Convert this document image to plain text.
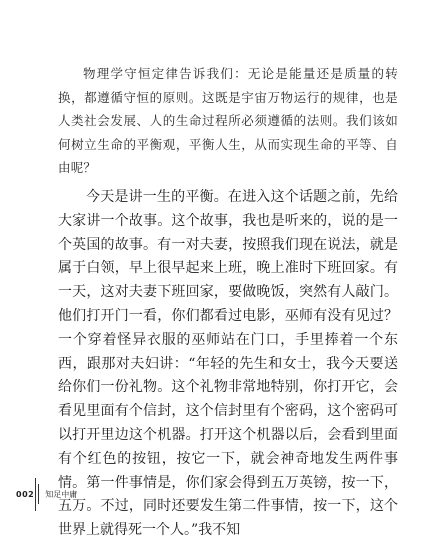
物理学守恒定律告诉我们：无论是能量还是质量的转换，都遵循守恒的原则。这既是宇宙万物运行的规律，也是人类社会发展、人的生命过程所必须遵循的法则。我们该如何树立生命的平衡观，平衡人生，从而实现生命的平等、自由呢？

今天是讲一生的平衡。在进入这个话题之前，先给大家讲一个故事。这个故事，我也是听来的，说的是一个英国的故事。有一对夫妻，按照我们现在说法，就是属于白领，早上很早起来上班，晚上准时下班回家。有一天，这对夫妻下班回家，要做晚饭，突然有人敲门。他们打开门一看，你们都看过电影，巫师有没有见过？一个穿着怪异衣服的巫师站在门口，手里捧着一个东西，跟那对夫妇讲：“年轻的先生和女士，我今天要送给你们一份礼物。这个礼物非常地特别，你打开它，会看见里面有个信封，这个信封里有个密码，这个密码可以打开里边这个机器。打开这个机器以后，会看到里面有个红色的按钮，按它一下，就会神奇地发生两件事情。第一件事情是，你们家会得到五万英镑，按一下，五万。不过，同时还要发生第二件事情，按一下，这个世界上就得死一个人。”我不知

002 知足中庸
